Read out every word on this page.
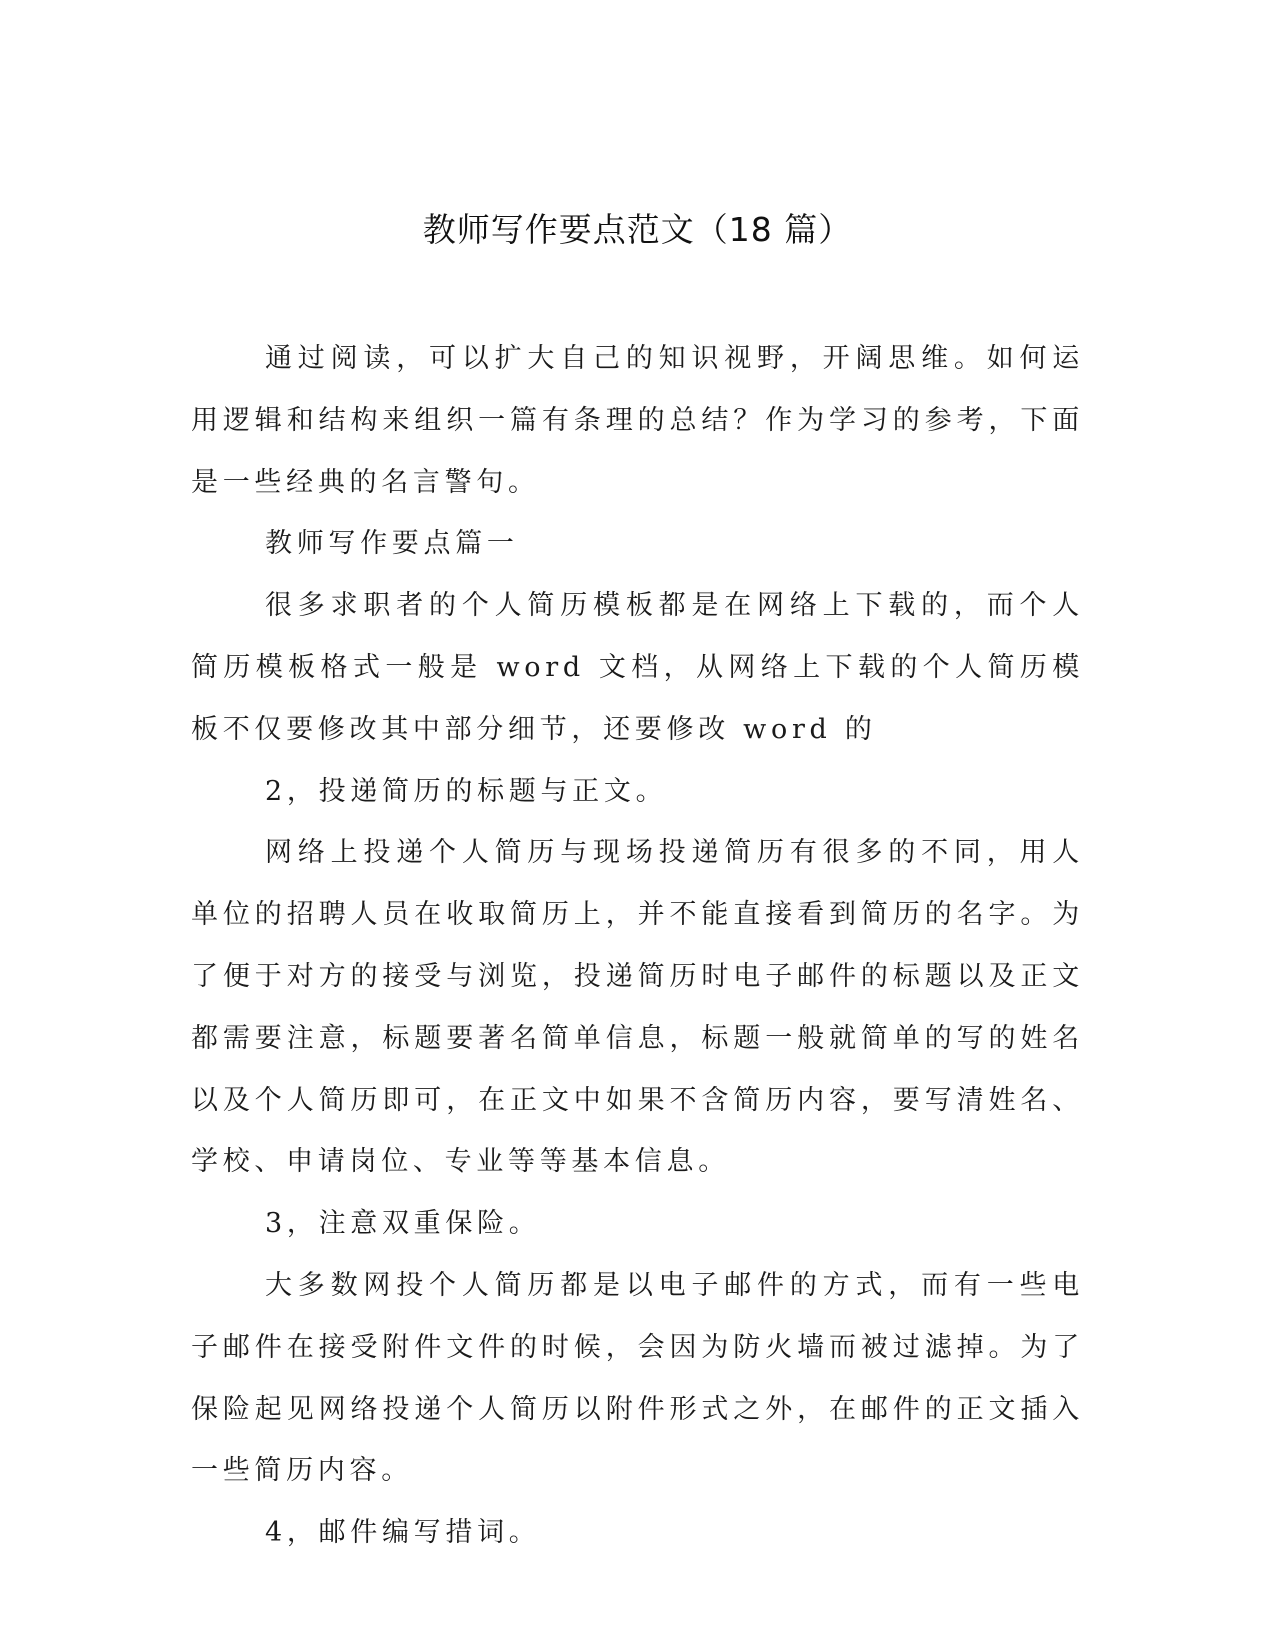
教师写作要点范文（18 篇）

通过阅读，可以扩大自己的知识视野，开阔思维。如何运用逻辑和结构来组织一篇有条理的总结？作为学习的参考，下面是一些经典的名言警句。

教师写作要点篇一

很多求职者的个人简历模板都是在网络上下载的，而个人简历模板格式一般是 word 文档，从网络上下载的个人简历模板不仅要修改其中部分细节，还要修改 word 的

2，投递简历的标题与正文。

网络上投递个人简历与现场投递简历有很多的不同，用人单位的招聘人员在收取简历上，并不能直接看到简历的名字。为了便于对方的接受与浏览，投递简历时电子邮件的标题以及正文都需要注意，标题要著名简单信息，标题一般就简单的写的姓名以及个人简历即可，在正文中如果不含简历内容，要写清姓名、学校、申请岗位、专业等等基本信息。

3，注意双重保险。

大多数网投个人简历都是以电子邮件的方式，而有一些电子邮件在接受附件文件的时候，会因为防火墙而被过滤掉。为了保险起见网络投递个人简历以附件形式之外，在邮件的正文插入一些简历内容。

4，邮件编写措词。
